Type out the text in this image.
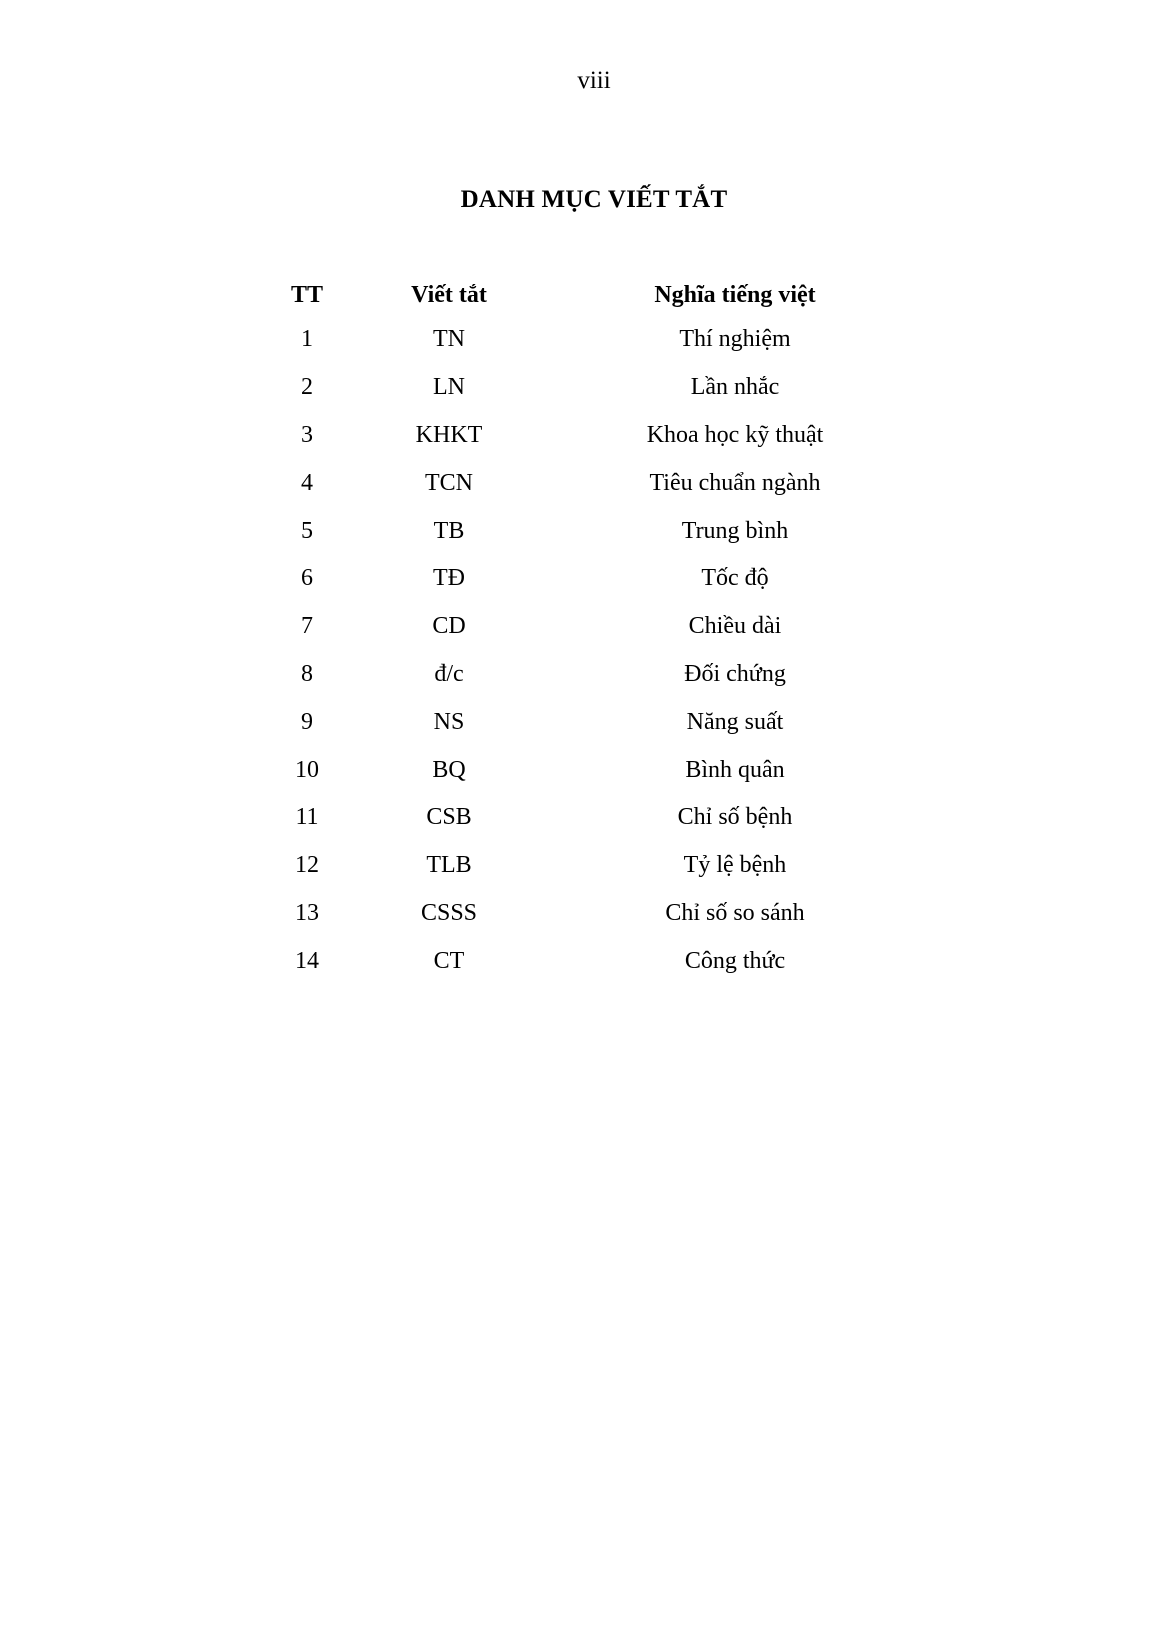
viii
DANH MỤC VIẾT TẮT
TT	Viết tắt	Nghĩa tiếng việt
1	TN	Thí nghiệm
2	LN	Lần nhắc
3	KHKT	Khoa học kỹ thuật
4	TCN	Tiêu chuẩn ngành
5	TB	Trung bình
6	TĐ	Tốc độ
7	CD	Chiều dài
8	đ/c	Đối chứng
9	NS	Năng suất
10	BQ	Bình quân
11	CSB	Chỉ số bệnh
12	TLB	Tỷ lệ bệnh
13	CSSS	Chỉ số so sánh
14	CT	Công thức
